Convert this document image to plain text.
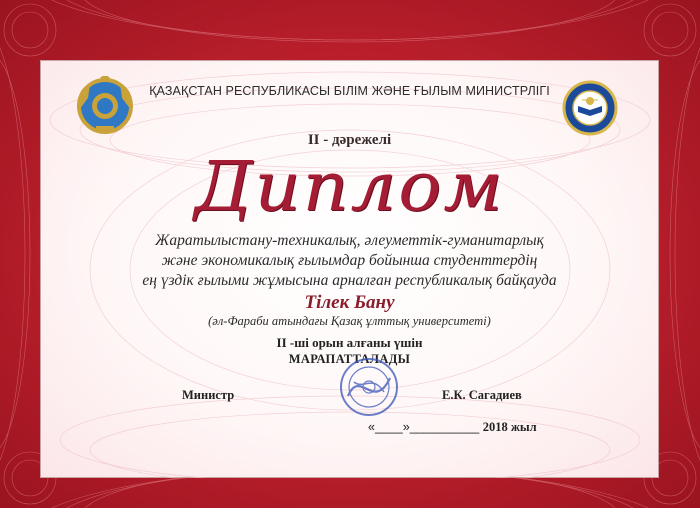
ҚАЗАҚСТАН РЕСПУБЛИКАСЫ БІЛІМ ЖӘНЕ ҒЫЛЫМ МИНИСТРЛІГІ
II - дәрежелі
Диплом
Жаратылыстану-техникалық, әлеуметтік-гуманитарлық
және экономикалық ғылымдар бойынша студенттердің
ең үздік ғылыми жұмысына арналған республикалық байқауда
Тілек Бану
(әл-Фараби атындағы Қазақ ұлттық университеті)
II -ші орын алғаны үшін
МАРАПАТТАЛАДЫ
Министр	Е.К. Сагадиев
«____»__________ 2018 жыл
